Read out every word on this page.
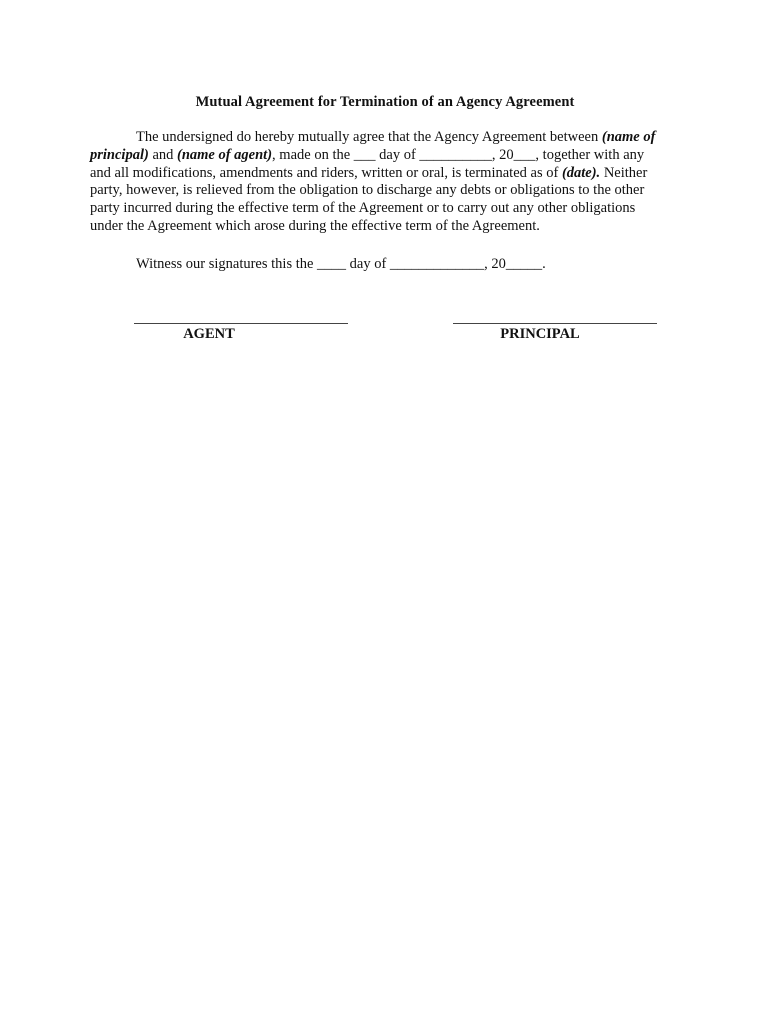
Mutual Agreement for Termination of an Agency Agreement
The undersigned do hereby mutually agree that the Agency Agreement between (name of
principal) and (name of agent), made on the ___ day of __________, 20___, together with any
and all modifications, amendments and riders, written or oral, is terminated as of (date). Neither
party, however, is relieved from the obligation to discharge any debts or obligations to the other
party incurred during the effective term of the Agreement or to carry out any other obligations
under the Agreement which arose during the effective term of the Agreement.
Witness our signatures this the ____ day of _____________, 20_____.
AGENT	PRINCIPAL
